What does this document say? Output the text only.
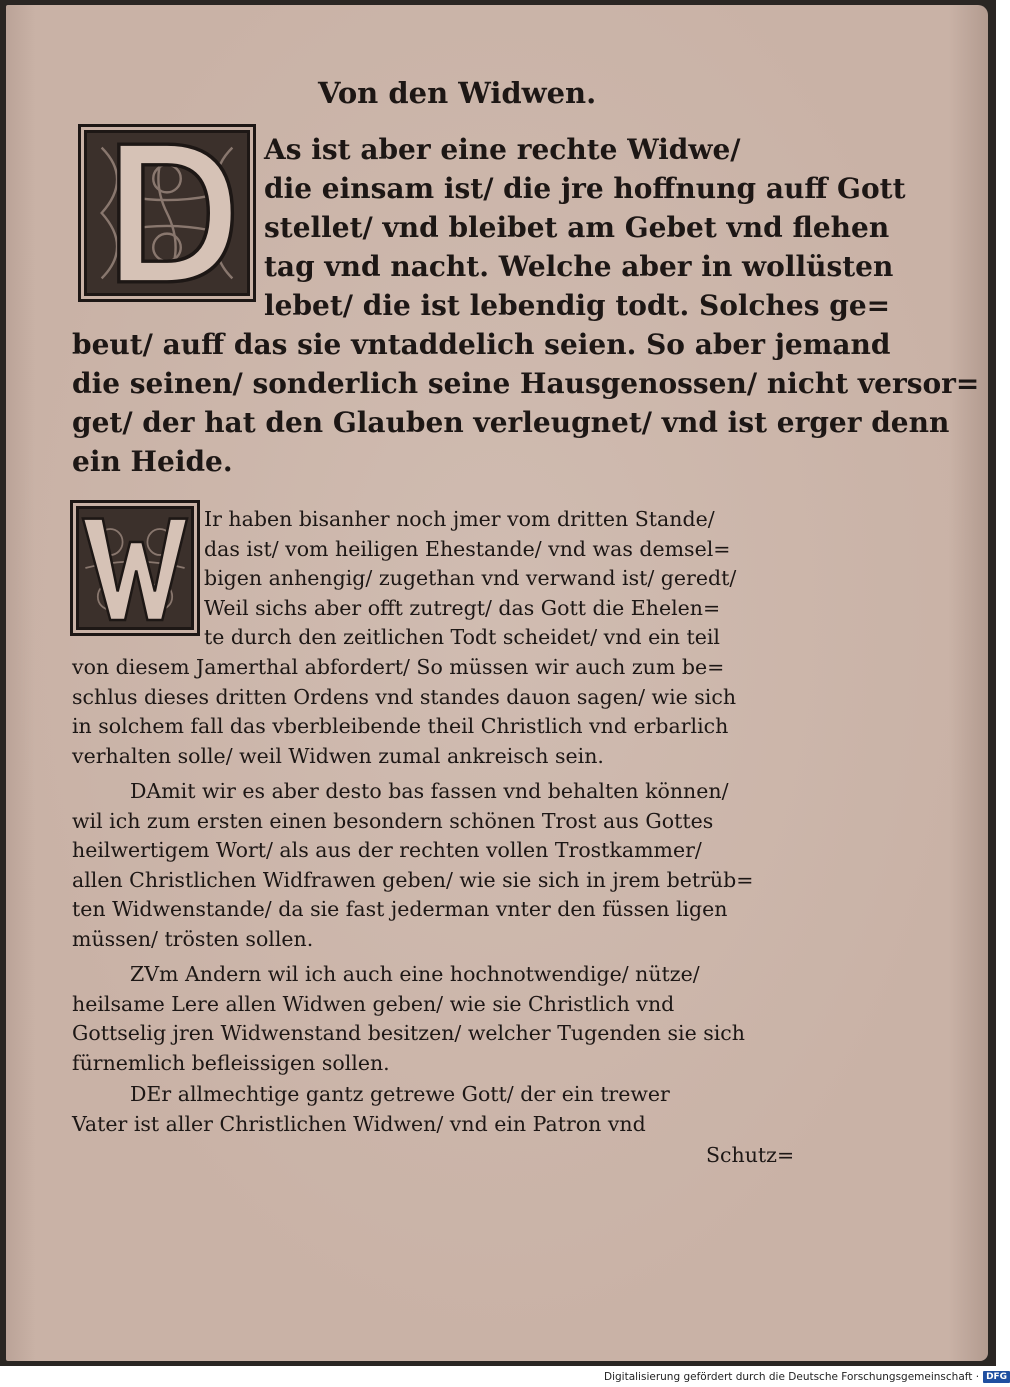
Von den Widwen.
As ist aber eine rechte Widwe/
die einsam ist/ die jre hoffnung auff Gott
stellet/ vnd bleibet am Gebet vnd flehen
tag vnd nacht. Welche aber in wollüsten
lebet/ die ist lebendig todt. Solches ge=
beut/ auff das sie vntaddelich seien. So aber jemand
die seinen/ sonderlich seine Hausgenossen/ nicht versor=
get/ der hat den Glauben verleugnet/ vnd ist erger denn
ein Heide.
Ir haben bisanher noch jmer vom dritten Stande/
das ist/ vom heiligen Ehestande/ vnd was demsel=
bigen anhengig/ zugethan vnd verwand ist/ geredt/
Weil sichs aber offt zutregt/ das Gott die Ehelen=
te durch den zeitlichen Todt scheidet/ vnd ein teil
von diesem Jamerthal abfordert/ So müssen wir auch zum be=
schlus dieses dritten Ordens vnd standes dauon sagen/ wie sich
in solchem fall das vberbleibende theil Christlich vnd erbarlich
verhalten solle/ weil Widwen zumal ankreisch sein.
DAmit wir es aber desto bas fassen vnd behalten können/
wil ich zum ersten einen besondern schönen Trost aus Gottes
heilwertigem Wort/ als aus der rechten vollen Trostkammer/
allen Christlichen Widfrawen geben/ wie sie sich in jrem betrüb=
ten Widwenstande/ da sie fast jederman vnter den füssen ligen
müssen/ trösten sollen.
ZVm Andern wil ich auch eine hochnotwendige/ nütze/
heilsame Lere allen Widwen geben/ wie sie Christlich vnd
Gottselig jren Widwenstand besitzen/ welcher Tugenden sie sich
fürnemlich befleissigen sollen.
DEr allmechtige gantz getrewe Gott/ der ein trewer
Vater ist aller Christlichen Widwen/ vnd ein Patron vnd
Schutz=
Digitalisierung gefördert durch die Deutsche Forschungsgemeinschaft · DFG
